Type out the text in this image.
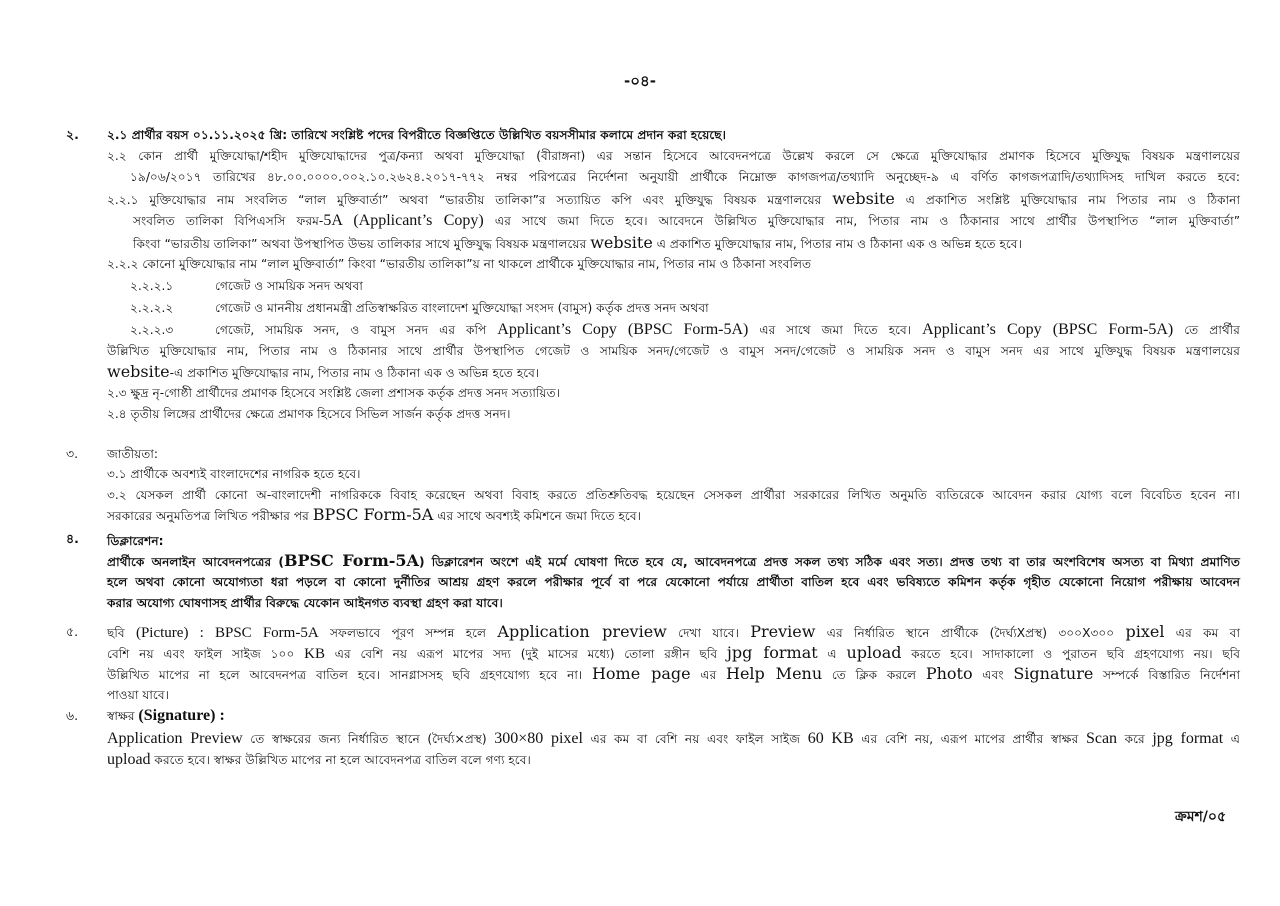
-০৪-
২. ২.১ প্রার্থীর বয়স ০১.১১.২০২৫ খ্রি: তারিখে সংশ্লিষ্ট পদের বিপরীতে বিজ্ঞপ্তিতে উল্লিখিত বয়সসীমার কলামে প্রদান করা হয়েছে।
২.২ কোন প্রার্থী মুক্তিযোদ্ধা/শহীদ মুক্তিযোদ্ধাদের পুত্র/কন্যা অথবা মুক্তিযোদ্ধা (বীরাঙ্গনা) এর সন্তান হিসেবে আবেদনপত্রে উল্লেখ করলে সে ক্ষেত্রে মুক্তিযোদ্ধার প্রমাণক হিসেবে মুক্তিযুদ্ধ বিষয়ক মন্ত্রণালয়ের
১৯/০৬/২০১৭ তারিখের ৪৮.০০.০০০০.০০২.১০.২৬২৪.২০১৭-৭৭২ নম্বর পরিপত্রের নির্দেশনা অনুযায়ী প্রার্থীকে নিম্নোক্ত কাগজপত্র/তথ্যাদি অনুচ্ছেদ-৯ এ বর্ণিত কাগজপত্রাদি/তথ্যাদিসহ দাখিল করতে হবে:
২.২.১ মুক্তিযোদ্ধার নাম সংবলিত “লাল মুক্তিবার্তা” অথবা “ভারতীয় তালিকা”র সত্যায়িত কপি এবং মুক্তিযুদ্ধ বিষয়ক মন্ত্রণালয়ের website এ প্রকাশিত সংশ্লিষ্ট মুক্তিযোদ্ধার নাম পিতার নাম ও ঠিকানা
সংবলিত তালিকা বিপিএসসি ফরম-5A (Applicant’s Copy) এর সাথে জমা দিতে হবে। আবেদনে উল্লিখিত মুক্তিযোদ্ধার নাম, পিতার নাম ও ঠিকানার সাথে প্রার্থীর উপস্থাপিত “লাল মুক্তিবার্তা”
কিংবা “ভারতীয় তালিকা” অথবা উপস্থাপিত উভয় তালিকার সাথে মুক্তিযুদ্ধ বিষয়ক মন্ত্রণালয়ের website এ প্রকাশিত মুক্তিযোদ্ধার নাম, পিতার নাম ও ঠিকানা এক ও অভিন্ন হতে হবে।
২.২.২ কোনো মুক্তিযোদ্ধার নাম “লাল মুক্তিবার্তা” কিংবা “ভারতীয় তালিকা”য় না থাকলে প্রার্থীকে মুক্তিযোদ্ধার নাম, পিতার নাম ও ঠিকানা সংবলিত
২.২.২.১	গেজেট ও সাময়িক সনদ অথবা
২.২.২.২	গেজেট ও মাননীয় প্রধানমন্ত্রী প্রতিস্বাক্ষরিত বাংলাদেশ মুক্তিযোদ্ধা সংসদ (বামুস) কর্তৃক প্রদত্ত সনদ অথবা
২.২.২.৩	গেজেট, সাময়িক সনদ, ও বামুস সনদ এর কপি Applicant’s Copy (BPSC Form-5A) এর সাথে জমা দিতে হবে। Applicant’s Copy (BPSC Form-5A) তে প্রার্থীর
উল্লিখিত মুক্তিযোদ্ধার নাম, পিতার নাম ও ঠিকানার সাথে প্রার্থীর উপস্থাপিত গেজেট ও সাময়িক সনদ/গেজেট ও বামুস সনদ/গেজেট ও সাময়িক সনদ ও বামুস সনদ এর সাথে মুক্তিযুদ্ধ বিষয়ক মন্ত্রণালয়ের
website-এ প্রকাশিত মুক্তিযোদ্ধার নাম, পিতার নাম ও ঠিকানা এক ও অভিন্ন হতে হবে।
২.৩ ক্ষুদ্র নৃ-গোষ্ঠী প্রার্থীদের প্রমাণক হিসেবে সংশ্লিষ্ট জেলা প্রশাসক কর্তৃক প্রদত্ত সনদ সত্যায়িত।
২.৪ তৃতীয় লিঙ্গের প্রার্থীদের ক্ষেত্রে প্রমাণক হিসেবে সিভিল সার্জন কর্তৃক প্রদত্ত সনদ।
৩. জাতীয়তা:
৩.১ প্রার্থীকে অবশ্যই বাংলাদেশের নাগরিক হতে হবে।
৩.২ যেসকল প্রার্থী কোনো অ-বাংলাদেশী নাগরিককে বিবাহ করেছেন অথবা বিবাহ করতে প্রতিশ্রুতিবদ্ধ হয়েছেন সেসকল প্রার্থীরা সরকারের লিখিত অনুমতি ব্যতিরেকে আবেদন করার যোগ্য বলে বিবেচিত হবেন না।
সরকারের অনুমতিপত্র লিখিত পরীক্ষার পর BPSC Form-5A এর সাথে অবশ্যই কমিশনে জমা দিতে হবে।
৪. ডিক্লারেশন:
প্রার্থীকে অনলাইন আবেদনপত্রের (BPSC Form-5A) ডিক্লারেশন অংশে এই মর্মে ঘোষণা দিতে হবে যে, আবেদনপত্রে প্রদত্ত সকল তথ্য সঠিক এবং সত্য। প্রদত্ত তথ্য বা তার অংশবিশেষ অসত্য বা মিথ্যা প্রমাণিত
হলে অথবা কোনো অযোগ্যতা ধরা পড়লে বা কোনো দুর্নীতির আশ্রয় গ্রহণ করলে পরীক্ষার পূর্বে বা পরে যেকোনো পর্যায়ে প্রার্থীতা বাতিল হবে এবং ভবিষ্যতে কমিশন কর্তৃক গৃহীত যেকোনো নিয়োগ পরীক্ষায় আবেদন
করার অযোগ্য ঘোষণাসহ প্রার্থীর বিরুদ্ধে যেকোন আইনগত ব্যবস্থা গ্রহণ করা যাবে।
৫. ছবি (Picture) : BPSC Form-5A সফলভাবে পূরণ সম্পন্ন হলে Application preview দেখা যাবে। Preview এর নির্ধারিত স্থানে প্রার্থীকে (দৈর্ঘ্যXপ্রস্থ) ৩০০X৩০০ pixel এর কম বা
বেশি নয় এবং ফাইল সাইজ ১০০ KB এর বেশি নয় এরূপ মাপের সদ্য (দুই মাসের মধ্যে) তোলা রঙ্গীন ছবি jpg format এ upload করতে হবে। সাদাকালো ও পুরাতন ছবি গ্রহণযোগ্য নয়। ছবি
উল্লিখিত মাপের না হলে আবেদনপত্র বাতিল হবে। সানগ্লাসসহ ছবি গ্রহণযোগ্য হবে না। Home page এর Help Menu তে ক্লিক করলে Photo এবং Signature সম্পর্কে বিস্তারিত নির্দেশনা
পাওয়া যাবে।
৬. স্বাক্ষর (Signature) :
Application Preview তে স্বাক্ষরের জন্য নির্ধারিত স্থানে (দৈর্ঘ্য×প্রস্থ) 300×80 pixel এর কম বা বেশি নয় এবং ফাইল সাইজ 60 KB এর বেশি নয়, এরূপ মাপের প্রার্থীর স্বাক্ষর Scan করে jpg format এ
upload করতে হবে। স্বাক্ষর উল্লিখিত মাপের না হলে আবেদনপত্র বাতিল বলে গণ্য হবে।
ক্রমশ/০৫
